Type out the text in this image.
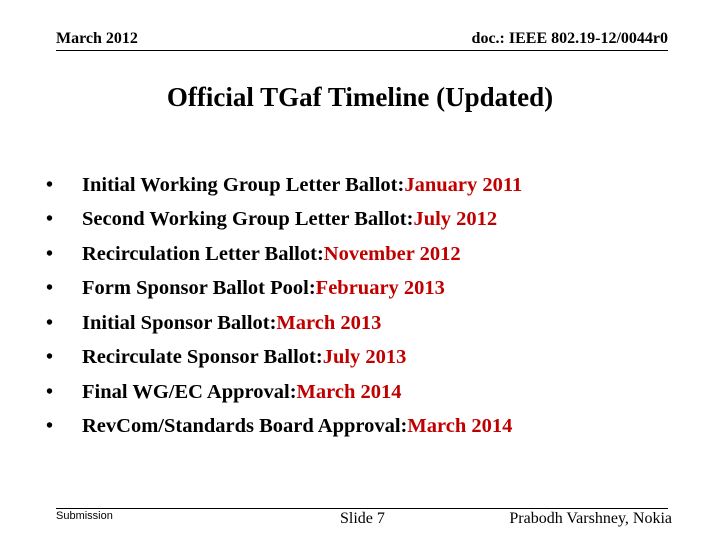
March 2012	doc.: IEEE 802.19-12/0044r0
Official TGaf Timeline (Updated)
•	Initial Working Group Letter Ballot: January 2011
•	Second Working Group Letter Ballot: July 2012
•	Recirculation Letter Ballot: November 2012
•	Form Sponsor Ballot Pool: February 2013
•	Initial Sponsor Ballot: March 2013
•	Recirculate Sponsor Ballot: July 2013
•	Final WG/EC Approval: March 2014
•	RevCom/Standards Board Approval: March 2014
Submission	Slide 7	Prabodh Varshney, Nokia
